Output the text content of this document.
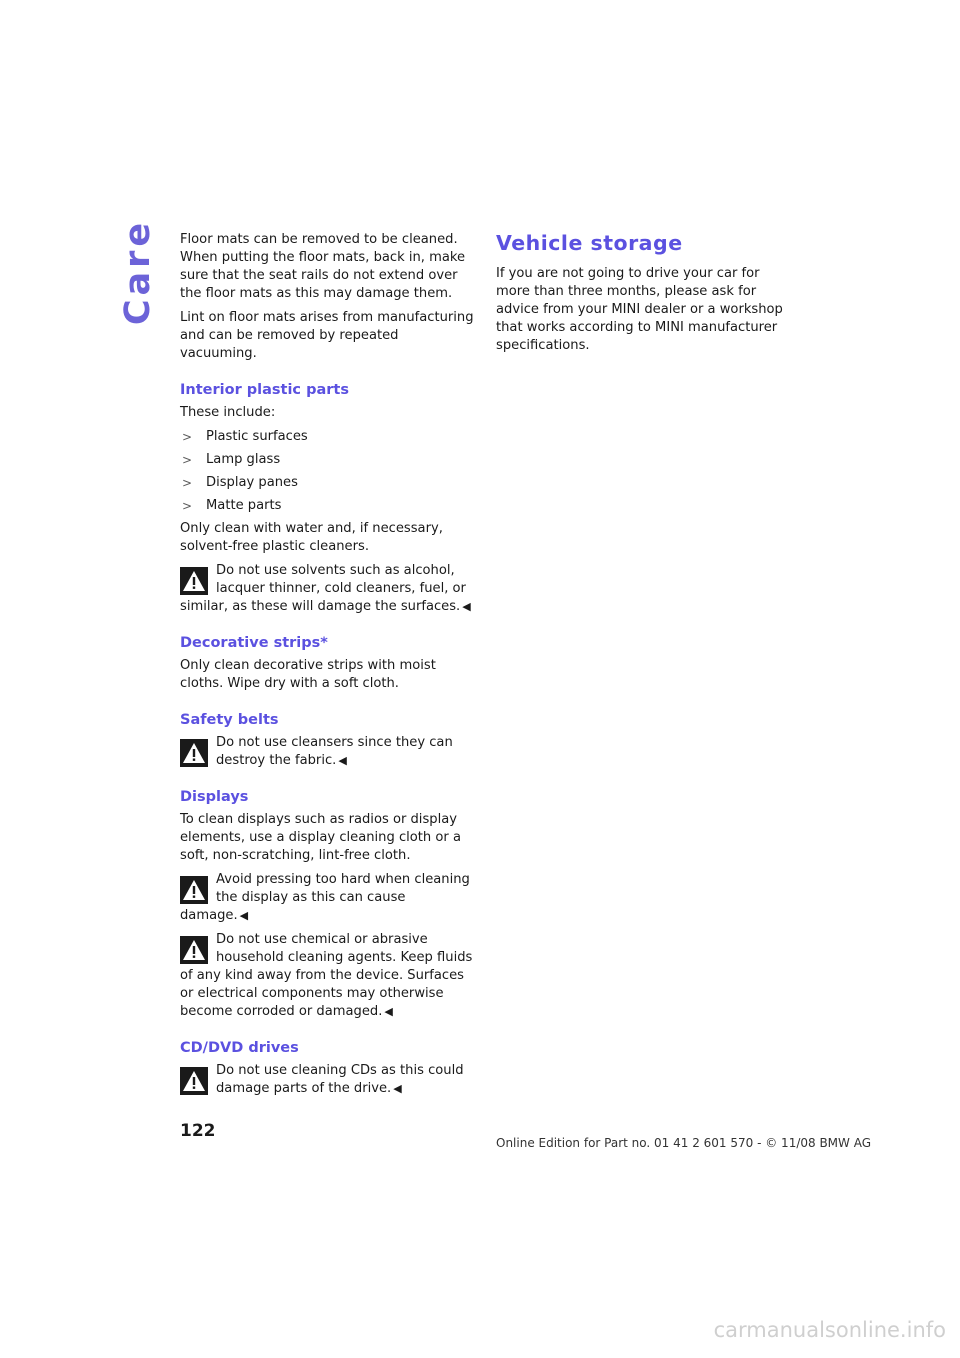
Care Floor mats can be removed to be cleaned. When putting the floor mats, back in, make sure that the seat rails do not extend over the floor mats as this may damage them.

Lint on floor mats arises from manufacturing and can be removed by repeated vacuuming.

Interior plastic parts

These include:

>	Plastic surfaces
>	Lamp glass
>	Display panes
>	Matte parts

Only clean with water and, if necessary, solvent-free plastic cleaners.

Do not use solvents such as alcohol, lacquer thinner, cold cleaners, fuel, or similar, as these will damage the surfaces. ◀
Decorative strips*

Only clean decorative strips with moist cloths. Wipe dry with a soft cloth.

Safety belts
Do not use cleansers since they can destroy the fabric. ◀
Displays

To clean displays such as radios or display elements, use a display cleaning cloth or a soft, non-scratching, lint-free cloth.

Avoid pressing too hard when cleaning the display as this can cause damage. ◀
Do not use chemical or abrasive household cleaning agents. Keep fluids of any kind away from the device. Surfaces or electrical components may otherwise become corroded or damaged. ◀
CD/DVD drives
Do not use cleaning CDs as this could damage parts of the drive. ◀
Vehicle storage

If you are not going to drive your car for more than three months, please ask for advice from your MINI dealer or a workshop that works according to MINI manufacturer specifications.

122
Online Edition for Part no. 01 41 2 601 570 - © 11/08 BMW AG
carmanualsonline.info
